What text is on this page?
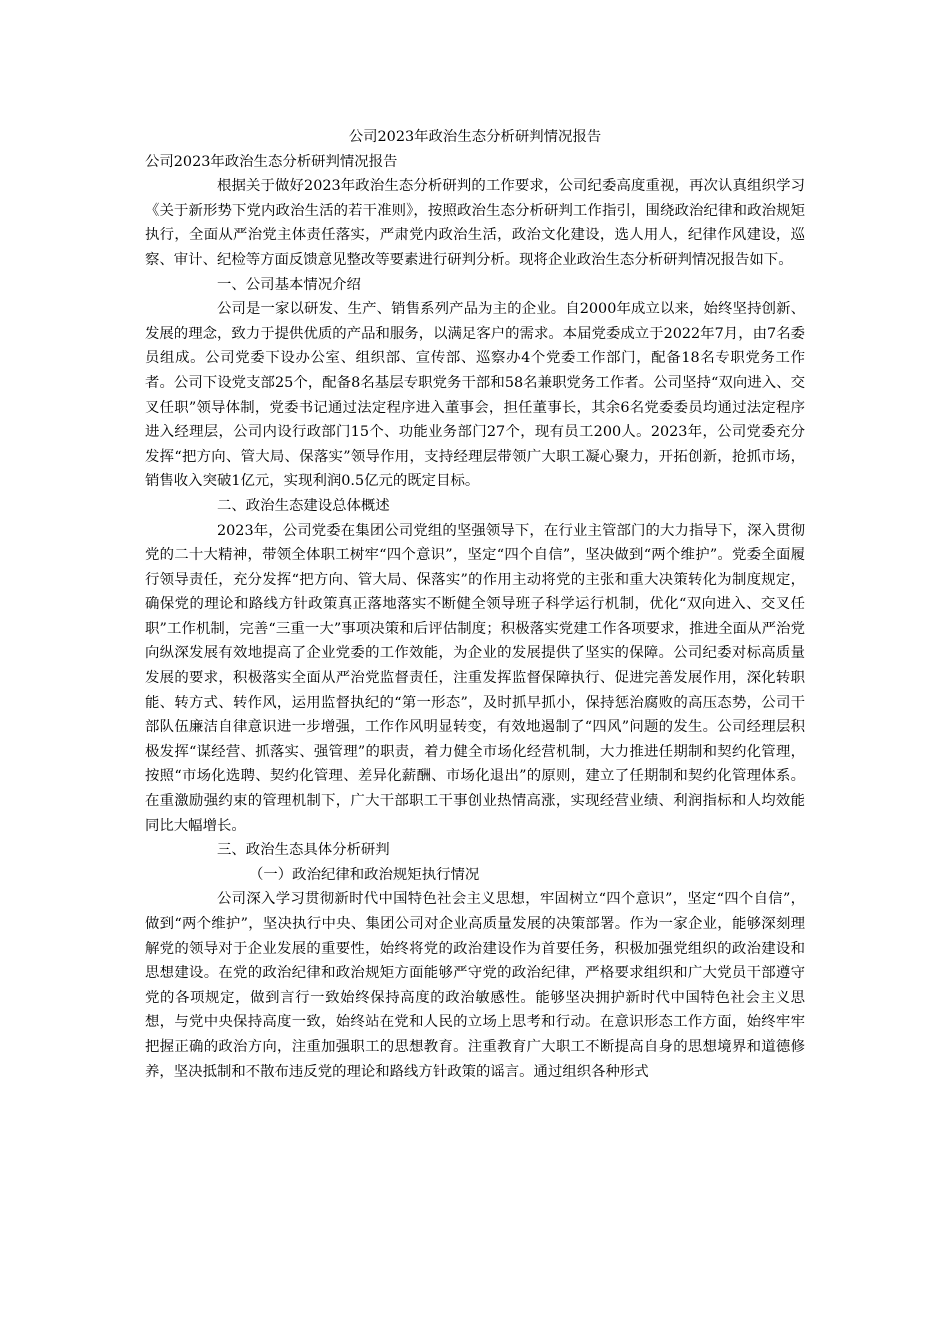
公司2023年政治生态分析研判情况报告

公司2023年政治生态分析研判情况报告

根据关于做好2023年政治生态分析研判的工作要求，公司纪委高度重视，再次认真组织学习《关于新形势下党内政治生活的若干准则》，按照政治生态分析研判工作指引，围绕政治纪律和政治规矩执行，全面从严治党主体责任落实，严肃党内政治生活，政治文化建设，选人用人，纪律作风建设，巡察、审计、纪检等方面反馈意见整改等要素进行研判分析。现将企业政治生态分析研判情况报告如下。

一、公司基本情况介绍

公司是一家以研发、生产、销售系列产品为主的企业。自2000年成立以来，始终坚持创新、发展的理念，致力于提供优质的产品和服务，以满足客户的需求。本届党委成立于2022年7月，由7名委员组成。公司党委下设办公室、组织部、宣传部、巡察办4个党委工作部门，配备18名专职党务工作者。公司下设党支部25个，配备8名基层专职党务干部和58名兼职党务工作者。公司坚持“双向进入、交叉任职”领导体制，党委书记通过法定程序进入董事会，担任董事长，其余6名党委委员均通过法定程序进入经理层，公司内设行政部门15个、功能业务部门27个，现有员工200人。2023年，公司党委充分发挥“把方向、管大局、保落实”领导作用，支持经理层带领广大职工凝心聚力，开拓创新，抢抓市场，销售收入突破1亿元，实现利润0.5亿元的既定目标。

二、政治生态建设总体概述

2023年，公司党委在集团公司党组的坚强领导下，在行业主管部门的大力指导下，深入贯彻党的二十大精神，带领全体职工树牢“四个意识”，坚定“四个自信”，坚决做到“两个维护”。党委全面履行领导责任，充分发挥“把方向、管大局、保落实”的作用主动将党的主张和重大决策转化为制度规定，确保党的理论和路线方针政策真正落地落实不断健全领导班子科学运行机制，优化“双向进入、交叉任职”工作机制，完善“三重一大”事项决策和后评估制度；积极落实党建工作各项要求，推进全面从严治党向纵深发展有效地提高了企业党委的工作效能，为企业的发展提供了坚实的保障。公司纪委对标高质量发展的要求，积极落实全面从严治党监督责任，注重发挥监督保障执行、促进完善发展作用，深化转职能、转方式、转作风，运用监督执纪的“第一形态”，及时抓早抓小，保持惩治腐败的高压态势，公司干部队伍廉洁自律意识进一步增强，工作作风明显转变，有效地遏制了“四风”问题的发生。公司经理层积极发挥“谋经营、抓落实、强管理”的职责，着力健全市场化经营机制，大力推进任期制和契约化管理，按照“市场化选聘、契约化管理、差异化薪酬、市场化退出”的原则，建立了任期制和契约化管理体系。在重激励强约束的管理机制下，广大干部职工干事创业热情高涨，实现经营业绩、利润指标和人均效能同比大幅增长。

三、政治生态具体分析研判

（一）政治纪律和政治规矩执行情况

公司深入学习贯彻新时代中国特色社会主义思想，牢固树立“四个意识”，坚定“四个自信”，做到“两个维护”，坚决执行中央、集团公司对企业高质量发展的决策部署。作为一家企业，能够深刻理解党的领导对于企业发展的重要性，始终将党的政治建设作为首要任务，积极加强党组织的政治建设和思想建设。在党的政治纪律和政治规矩方面能够严守党的政治纪律，严格要求组织和广大党员干部遵守党的各项规定，做到言行一致始终保持高度的政治敏感性。能够坚决拥护新时代中国特色社会主义思想，与党中央保持高度一致，始终站在党和人民的立场上思考和行动。在意识形态工作方面，始终牢牢把握正确的政治方向，注重加强职工的思想教育。注重教育广大职工不断提高自身的思想境界和道德修养，坚决抵制和不散布违反党的理论和路线方针政策的谣言。通过组织各种形式
